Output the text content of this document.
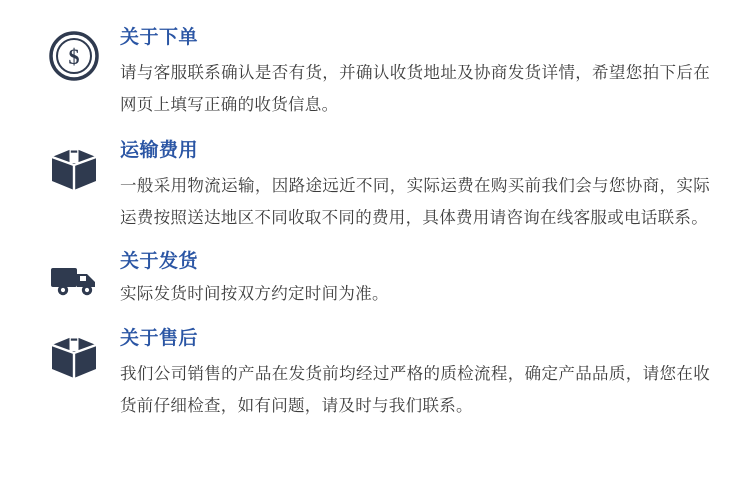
$

关于下单

请与客服联系确认是否有货，并确认收货地址及协商发货详情，希望您拍下后在网页上填写正确的收货信息。

运输费用

一般采用物流运输，因路途远近不同，实际运费在购买前我们会与您协商，实际运费按照送达地区不同收取不同的费用，具体费用请咨询在线客服或电话联系。

关于发货

实际发货时间按双方约定时间为准。

关于售后

我们公司销售的产品在发货前均经过严格的质检流程，确定产品品质，请您在收货前仔细检查，如有问题，请及时与我们联系。
